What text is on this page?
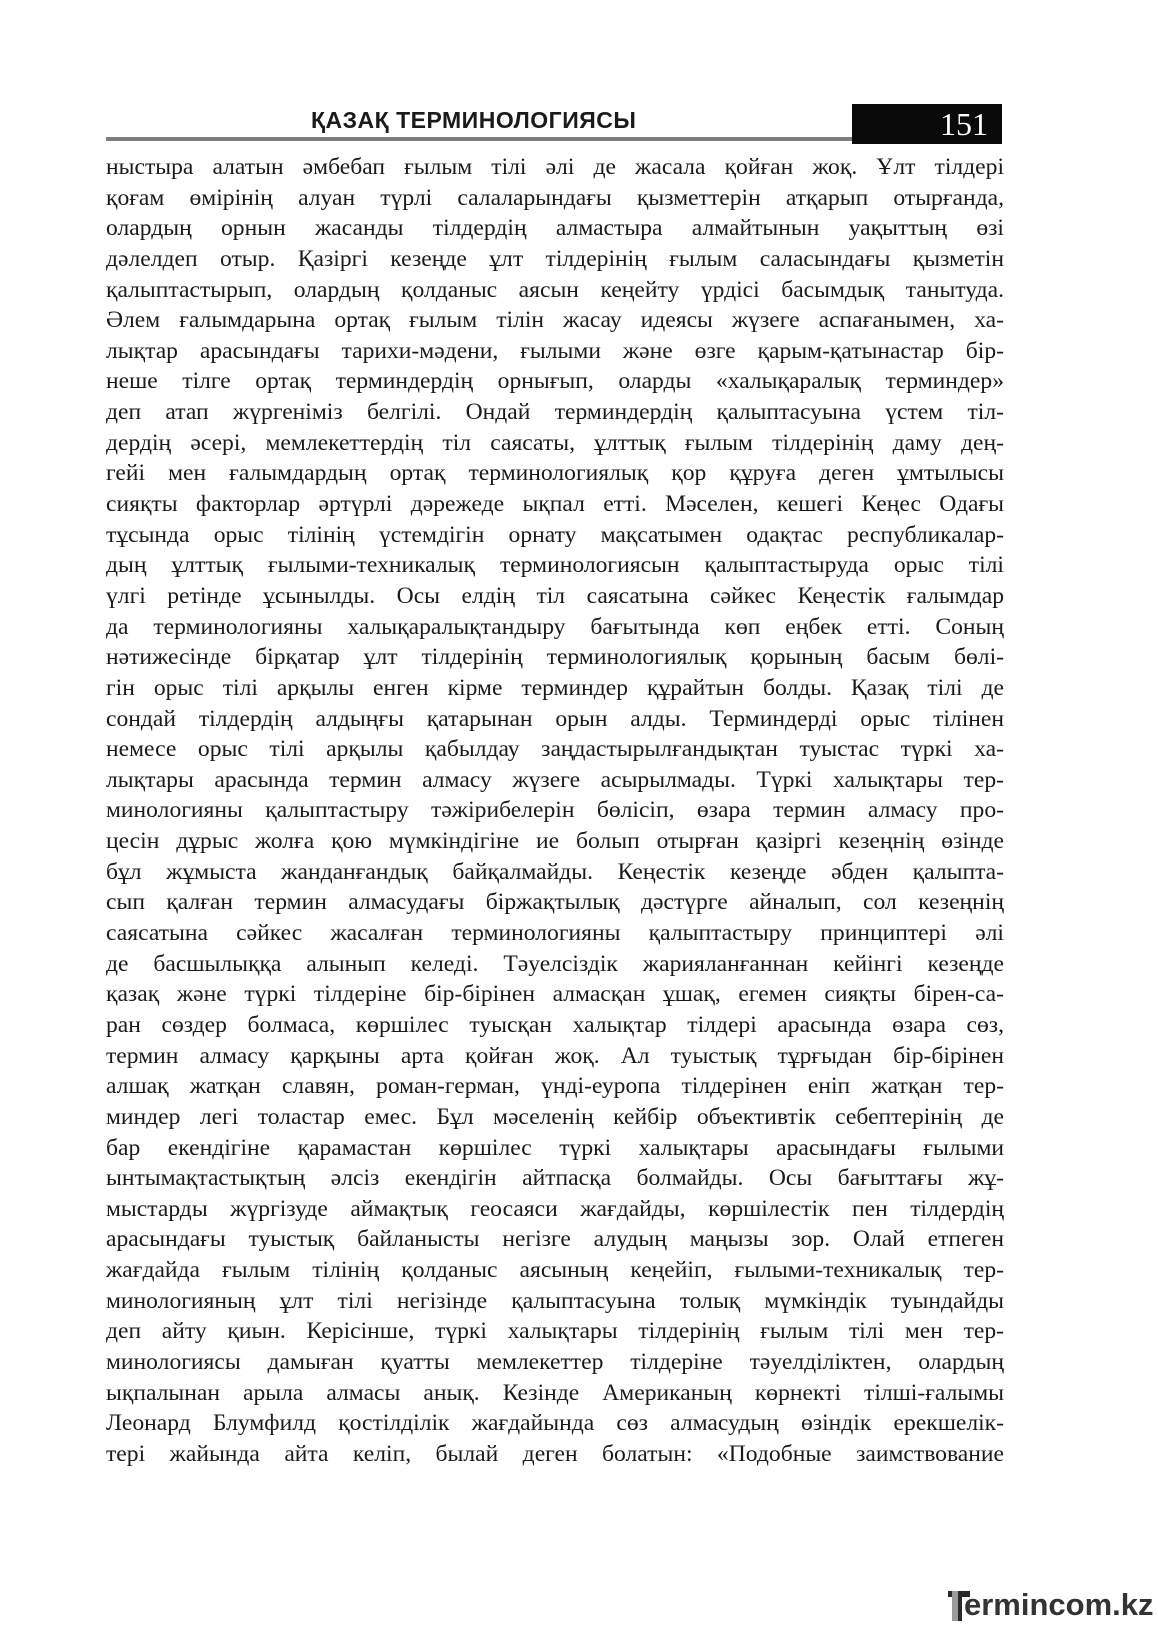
ҚАЗАҚ ТЕРМИНОЛОГИЯСЫ	151
ныстыра алатын әмбебап ғылым тілі әлі де жасала қойған жоқ. Ұлт тілдері
қоғам өмірінің алуан түрлі салаларындағы қызметтерін атқарып отырғанда,
олардың орнын жасанды тілдердің алмастыра алмайтынын уақыттың өзі
дәлелдеп отыр. Қазіргі кезеңде ұлт тілдерінің ғылым саласындағы қызметін
қалыптастырып, олардың қолданыс аясын кеңейту үрдісі басымдық танытуда.
Әлем ғалымдарына ортақ ғылым тілін жасау идеясы жүзеге аспағанымен, ха-
лықтар арасындағы тарихи-мәдени, ғылыми және өзге қарым-қатынастар бір-
неше тілге ортақ терминдердің орнығып, оларды «халықаралық терминдер»
деп атап жүргеніміз белгілі. Ондай терминдердің қалыптасуына үстем тіл-
дердің әсері, мемлекеттердің тіл саясаты, ұлттық ғылым тілдерінің даму дең-
гейі мен ғалымдардың ортақ терминологиялық қор құруға деген ұмтылысы
сияқты факторлар әртүрлі дәрежеде ықпал етті. Мәселен, кешегі Кеңес Одағы
тұсында орыс тілінің үстемдігін орнату мақсатымен одақтас республикалар-
дың ұлттық ғылыми-техникалық терминологиясын қалыптастыруда орыс тілі
үлгі ретінде ұсынылды. Осы елдің тіл саясатына сәйкес Кеңестік ғалымдар
да терминологияны халықаралықтандыру бағытында көп еңбек етті. Соның
нәтижесінде бірқатар ұлт тілдерінің терминологиялық қорының басым бөлі-
гін орыс тілі арқылы енген кірме терминдер құрайтын болды. Қазақ тілі де
сондай тілдердің алдыңғы қатарынан орын алды. Терминдерді орыс тілінен
немесе орыс тілі арқылы қабылдау заңдастырылғандықтан туыстас түркі ха-
лықтары арасында термин алмасу жүзеге асырылмады. Түркі халықтары тер-
минологияны қалыптастыру тәжірибелерін бөлісіп, өзара термин алмасу про-
цесін дұрыс жолға қою мүмкіндігіне ие болып отырған қазіргі кезеңнің өзінде
бұл жұмыста жанданғандық байқалмайды. Кеңестік кезеңде әбден қалыпта-
сып қалған термин алмасудағы біржақтылық дәстүрге айналып, сол кезеңнің
саясатына сәйкес жасалған терминологияны қалыптастыру принциптері әлі
де басшылыққа алынып келеді. Тәуелсіздік жарияланғаннан кейінгі кезеңде
қазақ және түркі тілдеріне бір-бірінен алмасқан ұшақ, егемен сияқты бірен-са-
ран сөздер болмаса, көршілес туысқан халықтар тілдері арасында өзара сөз,
термин алмасу қарқыны арта қойған жоқ. Ал туыстық тұрғыдан бір-бірінен
алшақ жатқан славян, роман-герман, үнді-еуропа тілдерінен еніп жатқан тер-
миндер легі толастар емес. Бұл мәселенің кейбір объективтік себептерінің де
бар екендігіне қарамастан көршілес түркі халықтары арасындағы ғылыми
ынтымақтастықтың әлсіз екендігін айтпасқа болмайды. Осы бағыттағы жұ-
мыстарды жүргізуде аймақтық геосаяси жағдайды, көршілестік пен тілдердің
арасындағы туыстық байланысты негізге алудың маңызы зор. Олай етпеген
жағдайда ғылым тілінің қолданыс аясының кеңейіп, ғылыми-техникалық тер-
минологияның ұлт тілі негізінде қалыптасуына толық мүмкіндік туындайды
деп айту қиын. Керісінше, түркі халықтары тілдерінің ғылым тілі мен тер-
минологиясы дамыған қуатты мемлекеттер тілдеріне тәуелділіктен, олардың
ықпалынан арыла алмасы анық. Кезінде Американың көрнекті тілші-ғалымы
Леонард Блумфилд қостілділік жағдайында сөз алмасудың өзіндік ерекшелік-
тері жайында айта келіп, былай деген болатын: «Подобные заимствование
ermincom.kz
